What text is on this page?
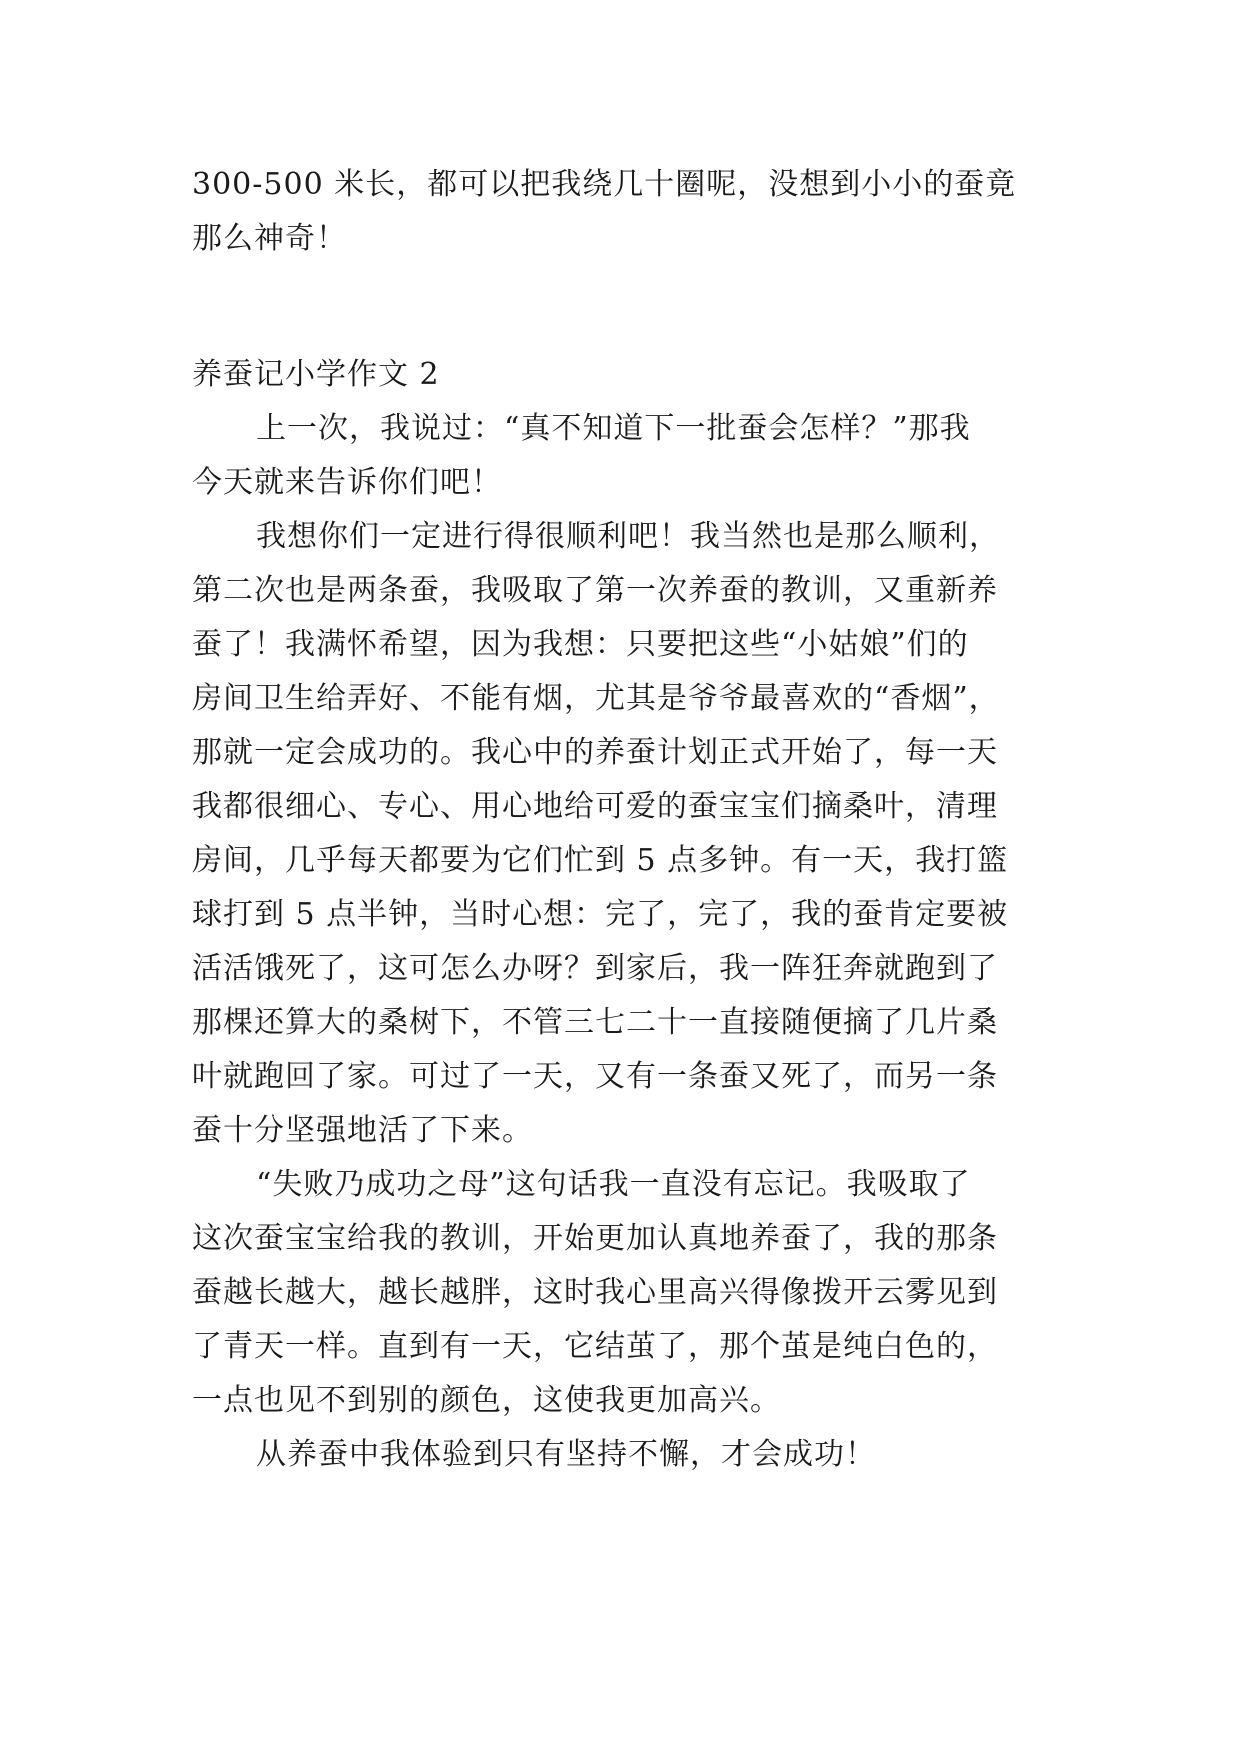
300-500 米长，都可以把我绕几十圈呢，没想到小小的蚕竟
那么神奇！

养蚕记小学作文 2

上一次，我说过：“真不知道下一批蚕会怎样？”那我
今天就来告诉你们吧！

我想你们一定进行得很顺利吧！我当然也是那么顺利，
第二次也是两条蚕，我吸取了第一次养蚕的教训，又重新养
蚕了！我满怀希望，因为我想：只要把这些“小姑娘”们的
房间卫生给弄好、不能有烟，尤其是爷爷最喜欢的“香烟”，
那就一定会成功的。我心中的养蚕计划正式开始了，每一天
我都很细心、专心、用心地给可爱的蚕宝宝们摘桑叶，清理
房间，几乎每天都要为它们忙到 5 点多钟。有一天，我打篮
球打到 5 点半钟，当时心想：完了，完了，我的蚕肯定要被
活活饿死了，这可怎么办呀？到家后，我一阵狂奔就跑到了
那棵还算大的桑树下，不管三七二十一直接随便摘了几片桑
叶就跑回了家。可过了一天，又有一条蚕又死了，而另一条
蚕十分坚强地活了下来。

“失败乃成功之母”这句话我一直没有忘记。我吸取了
这次蚕宝宝给我的教训，开始更加认真地养蚕了，我的那条
蚕越长越大，越长越胖，这时我心里高兴得像拨开云雾见到
了青天一样。直到有一天，它结茧了，那个茧是纯白色的，
一点也见不到别的颜色，这使我更加高兴。

从养蚕中我体验到只有坚持不懈，才会成功！
